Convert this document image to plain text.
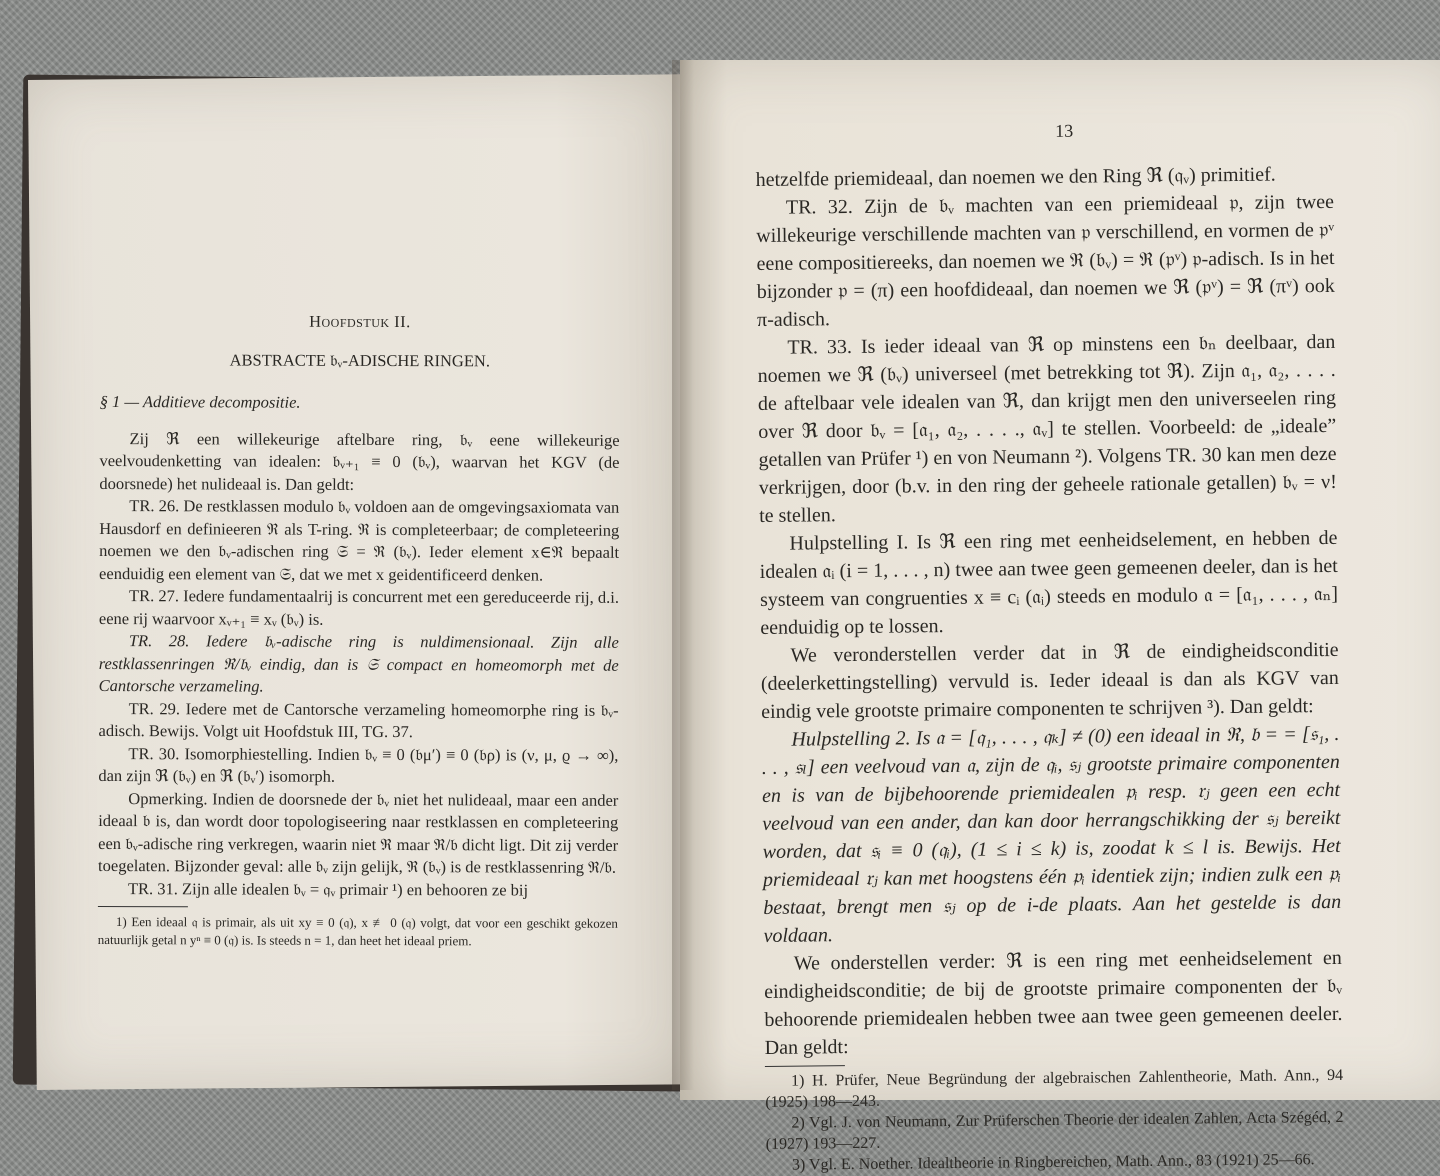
Hoofdstuk II.
ABSTRACTE 𝔟ᵥ-ADISCHE RINGEN.
§ 1 — Additieve decompositie.

Zij ℜ een willekeurige aftelbare ring, 𝔟ᵥ eene willekeurige veelvoudenketting van idealen: 𝔟ᵥ₊₁ ≡ 0 (𝔟ᵥ), waarvan het KGV (de doorsnede) het nulideaal is. Dan geldt:

TR. 26. De restklassen modulo 𝔟ᵥ voldoen aan de omgevingsaxiomata van Hausdorf en definieeren ℜ als T-ring. ℜ is completeerbaar; de completeering noemen we den 𝔟ᵥ-adischen ring 𝔖 = ℜ (𝔟ᵥ). Ieder element x∈ℜ bepaalt eenduidig een element van 𝔖, dat we met x geidentificeerd denken.

TR. 27. Iedere fundamentaalrij is concurrent met een gereduceerde rij, d.i. eene rij waarvoor xᵥ₊₁ ≡ xᵥ (𝔟ᵥ) is.

TR. 28. Iedere 𝔟ᵥ-adische ring is nuldimensionaal. Zijn alle restklassenringen ℜ/𝔟ᵥ eindig, dan is 𝔖 compact en homeomorph met de Cantorsche verzameling.

TR. 29. Iedere met de Cantorsche verzameling homeomorphe ring is 𝔟ᵥ-adisch. Bewijs. Volgt uit Hoofdstuk III, TG. 37.

TR. 30. Isomorphiestelling. Indien 𝔟ᵥ ≡ 0 (𝔟μ′) ≡ 0 (𝔟ρ) is (ν, μ, ϱ → ∞), dan zijn ℜ (𝔟ᵥ) en ℜ (𝔟ᵥ′) isomorph.

Opmerking. Indien de doorsnede der 𝔟ᵥ niet het nulideaal, maar een ander ideaal 𝔟 is, dan wordt door topologiseering naar restklassen en completeering een 𝔟ᵥ-adische ring verkregen, waarin niet ℜ maar ℜ/𝔟 dicht ligt. Dit zij verder toegelaten. Bijzonder geval: alle 𝔟ᵥ zijn gelijk, ℜ (𝔟ᵥ) is de restklassenring ℜ/𝔟.

TR. 31. Zijn alle idealen 𝔟ᵥ = 𝔮ᵥ primair ¹) en behooren ze bij

1) Een ideaal 𝔮 is primair, als uit xy ≡ 0 (𝔮), x ≢ 0 (𝔮) volgt, dat voor een geschikt gekozen natuurlijk getal n yⁿ ≡ 0 (𝔮) is. Is steeds n = 1, dan heet het ideaal priem.

13

hetzelfde priemideaal, dan noemen we den Ring ℜ (𝔮ᵥ) primitief.

TR. 32. Zijn de 𝔟ᵥ machten van een priemideaal 𝔭, zijn twee willekeurige verschillende machten van 𝔭 verschillend, en vormen de 𝔭ᵛ eene compositiereeks, dan noemen we ℜ (𝔟ᵥ) = ℜ (𝔭ᵛ) 𝔭-adisch. Is in het bijzonder 𝔭 = (π) een hoofdideaal, dan noemen we ℜ (𝔭ᵛ) = ℜ (πᵛ) ook π-adisch.

TR. 33. Is ieder ideaal van ℜ op minstens een 𝔟ₙ deelbaar, dan noemen we ℜ (𝔟ᵥ) universeel (met betrekking tot ℜ). Zijn 𝔞₁, 𝔞₂, . . . . de aftelbaar vele idealen van ℜ, dan krijgt men den universeelen ring over ℜ door 𝔟ᵥ = [𝔞₁, 𝔞₂, . . . ., 𝔞ᵥ] te stellen. Voorbeeld: de „ideale” getallen van Prüfer ¹) en von Neumann ²). Volgens TR. 30 kan men deze verkrijgen, door (b.v. in den ring der geheele rationale getallen) 𝔟ᵥ = ν! te stellen.

Hulpstelling I. Is ℜ een ring met eenheidselement, en hebben de idealen 𝔞ᵢ (i = 1, . . . , n) twee aan twee geen gemeenen deeler, dan is het systeem van congruenties x ≡ cᵢ (𝔞ᵢ) steeds en modulo 𝔞 = [𝔞₁, . . . , 𝔞ₙ] eenduidig op te lossen.

We veronderstellen verder dat in ℜ de eindigheidsconditie (deelerkettingstelling) vervuld is. Ieder ideaal is dan als KGV van eindig vele grootste primaire componenten te schrijven ³). Dan geldt:

Hulpstelling 2. Is 𝔞 = [𝔮₁, . . . , 𝔮ₖ] ≠ (0) een ideaal in ℜ, 𝔟 = = [𝔰₁, . . . , 𝔰ₗ] een veelvoud van 𝔞, zijn de 𝔮ᵢ, 𝔰ⱼ grootste primaire componenten en is van de bijbehoorende priemidealen 𝔭ᵢ resp. 𝔯ⱼ geen een echt veelvoud van een ander, dan kan door herrangschikking der 𝔰ⱼ bereikt worden, dat 𝔰ᵢ ≡ 0 (𝔮ᵢ), (1 ≤ i ≤ k) is, zoodat k ≤ l is. Bewijs. Het priemideaal 𝔯ⱼ kan met hoogstens één 𝔭ᵢ identiek zijn; indien zulk een 𝔭ᵢ bestaat, brengt men 𝔰ⱼ op de i-de plaats. Aan het gestelde is dan voldaan.

We onderstellen verder: ℜ is een ring met eenheidselement en eindigheidsconditie; de bij de grootste primaire componenten der 𝔟ᵥ behoorende priemidealen hebben twee aan twee geen gemeenen deeler. Dan geldt:

1) H. Prüfer, Neue Begründung der algebraischen Zahlentheorie, Math. Ann., 94 (1925) 198—243.

2) Vgl. J. von Neumann, Zur Prüferschen Theorie der idealen Zahlen, Acta Szégéd, 2 (1927) 193—227.

3) Vgl. E. Noether. Idealtheorie in Ringbereichen, Math. Ann., 83 (1921) 25—66.
